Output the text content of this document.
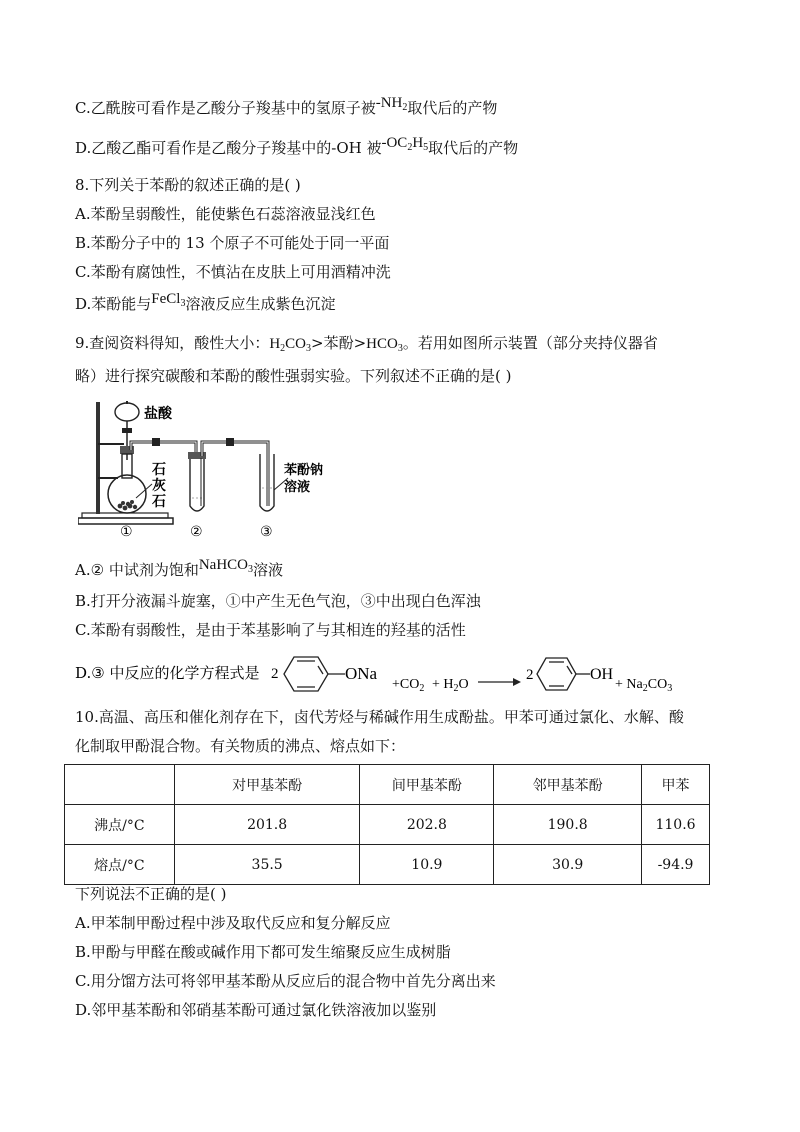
C.乙酰胺可看作是乙酸分子羧基中的氢原子被$-NH_2$取代后的产物
D.乙酸乙酯可看作是乙酸分子羧基中的-OH 被$-OC_2H_5$取代后的产物
8.下列关于苯酚的叙述正确的是( )
A.苯酚呈弱酸性，能使紫色石蕊溶液显浅红色
B.苯酚分子中的 13 个原子不可能处于同一平面
C.苯酚有腐蚀性，不慎沾在皮肤上可用酒精冲洗
D.苯酚能与FeCl$_3$溶液反应生成紫色沉淀
9.查阅资料得知，酸性大小：$H_2CO_3>$苯酚$>HCO_3$。若用如图所示装置（部分夹持仪器省
略）进行探究碳酸和苯酚的酸性强弱实验。下列叙述不正确的是( )
盐酸
石
灰
石
苯酚钠
溶液
①	②	③
A.② 中试剂为饱和NaHCO$_3$溶液
B.打开分液漏斗旋塞，①中产生无色气泡，③中出现白色浑浊
C.苯酚有弱酸性，是由于苯基影响了与其相连的羟基的活性
D.③ 中反应的化学方程式是 2	ONa
$+CO_2 + H_2O$
2	OH
+ $Na_2CO_3$
10.高温、高压和催化剂存在下，卤代芳烃与稀碱作用生成酚盐。甲苯可通过氯化、水解、酸
化制取甲酚混合物。有关物质的沸点、熔点如下：
	对甲基苯酚	间甲基苯酚	邻甲基苯酚	甲苯
沸点/°C	201.8	202.8	190.8	110.6
熔点/°C	35.5	10.9	30.9	-94.9
下列说法不正确的是( )
A.甲苯制甲酚过程中涉及取代反应和复分解反应
B.甲酚与甲醛在酸或碱作用下都可发生缩聚反应生成树脂
C.用分馏方法可将邻甲基苯酚从反应后的混合物中首先分离出来
D.邻甲基苯酚和邻硝基苯酚可通过氯化铁溶液加以鉴别
